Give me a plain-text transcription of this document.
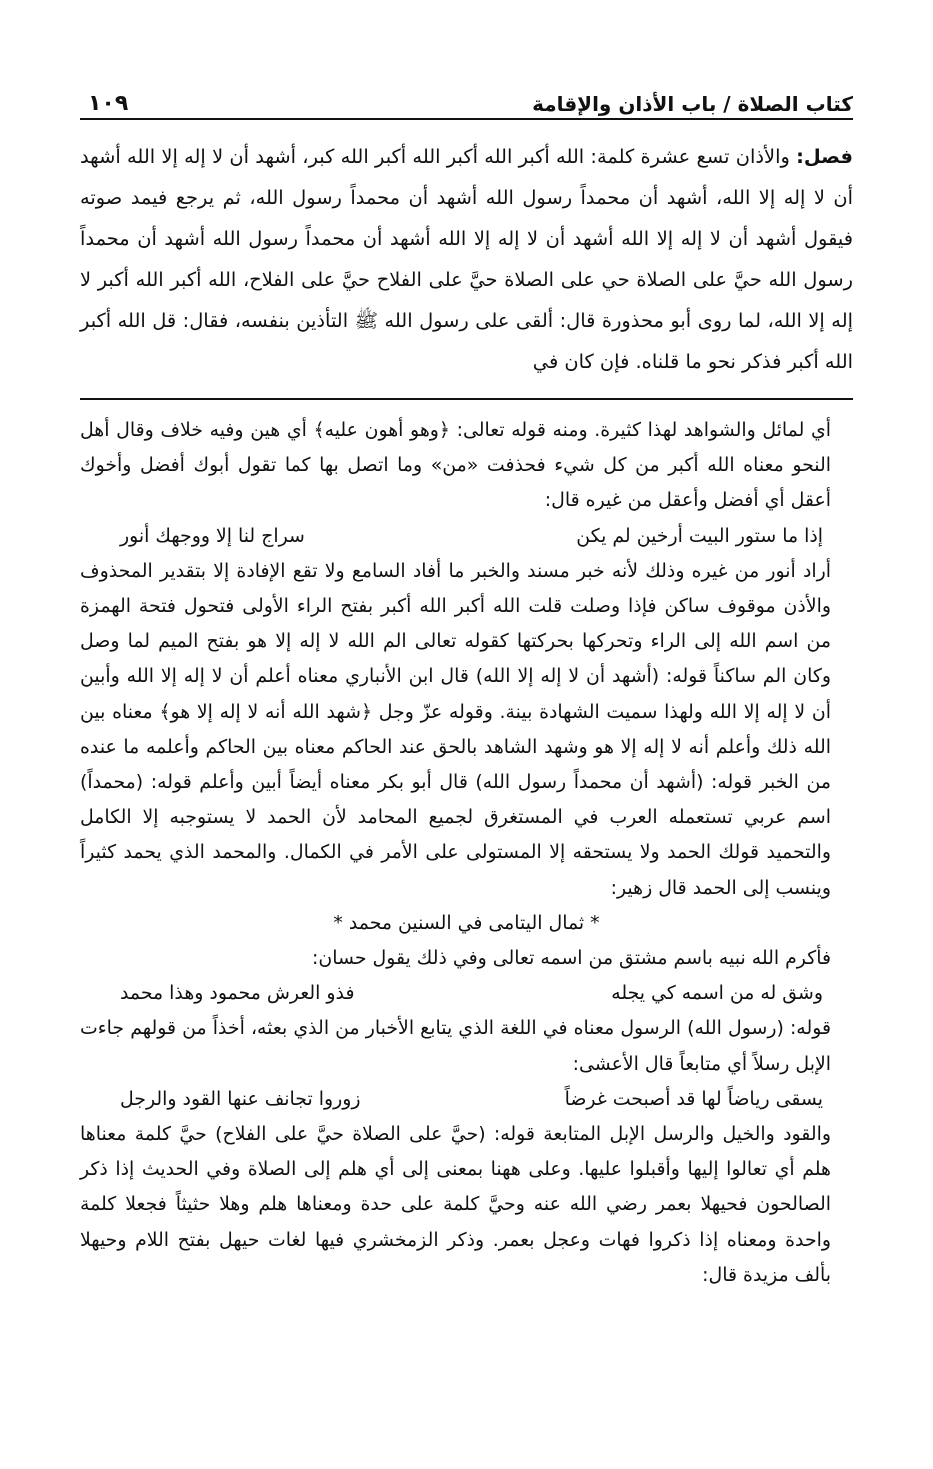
كتاب الصلاة / باب الأذان والإقامة
١٠٩

فصل: والأذان تسع عشرة كلمة: الله أكبر الله أكبر الله أكبر الله كبر، أشهد أن لا إله إلا الله أشهد أن لا إله إلا الله، أشهد أن محمداً رسول الله أشهد أن محمداً رسول الله، ثم يرجع فيمد صوته فيقول أشهد أن لا إله إلا الله أشهد أن لا إله إلا الله أشهد أن محمداً رسول الله أشهد أن محمداً رسول الله حيَّ على الصلاة حي على الصلاة حيَّ على الفلاح حيَّ على الفلاح، الله أكبر الله أكبر لا إله إلا الله، لما روى أبو محذورة قال: ألقى على رسول الله ﷺ التأذين بنفسه، فقال: قل الله أكبر الله أكبر فذكر نحو ما قلناه. فإن كان في

أي لمائل والشواهد لهذا كثيرة. ومنه قوله تعالى: ﴿وهو أهون عليه﴾ أي هين وفيه خلاف وقال أهل النحو معناه الله أكبر من كل شيء فحذفت «من» وما اتصل بها كما تقول أبوك أفضل وأخوك أعقل أي أفضل وأعقل من غيره قال:

إذا ما ستور البيت أرخين لم يكن
سراج لنا إلا ووجهك أنور

أراد أنور من غيره وذلك لأنه خبر مسند والخبر ما أفاد السامع ولا تقع الإفادة إلا بتقدير المحذوف والأذن موقوف ساكن فإذا وصلت قلت الله أكبر الله أكبر بفتح الراء الأولى فتحول فتحة الهمزة من اسم الله إلى الراء وتحركها بحركتها كقوله تعالى الم الله لا إله إلا هو بفتح الميم لما وصل وكان الم ساكناً قوله: (أشهد أن لا إله إلا الله) قال ابن الأنباري معناه أعلم أن لا إله إلا الله وأبين أن لا إله إلا الله ولهذا سميت الشهادة بينة. وقوله عزّ وجل ﴿شهد الله أنه لا إله إلا هو﴾ معناه بين الله ذلك وأعلم أنه لا إله إلا هو وشهد الشاهد بالحق عند الحاكم معناه بين الحاكم وأعلمه ما عنده من الخبر قوله: (أشهد أن محمداً رسول الله) قال أبو بكر معناه أيضاً أبين وأعلم قوله: (محمداً) اسم عربي تستعمله العرب في المستغرق لجميع المحامد لأن الحمد لا يستوجبه إلا الكامل والتحميد قولك الحمد ولا يستحقه إلا المستولى على الأمر في الكمال. والمحمد الذي يحمد كثيراً وينسب إلى الحمد قال زهير:

* ثمال اليتامى في السنين محمد *

فأكرم الله نبيه باسم مشتق من اسمه تعالى وفي ذلك يقول حسان:

وشق له من اسمه كي يجله
فذو العرش محمود وهذا محمد

قوله: (رسول الله) الرسول معناه في اللغة الذي يتابع الأخبار من الذي بعثه، أخذاً من قولهم جاءت الإبل رسلاً أي متابعاً قال الأعشى:

يسقى رياضاً لها قد أصبحت غرضاً
زوروا تجانف عنها القود والرجل

والقود والخيل والرسل الإبل المتابعة قوله: (حيَّ على الصلاة حيَّ على الفلاح) حيَّ كلمة معناها هلم أي تعالوا إليها وأقبلوا عليها. وعلى ههنا بمعنى إلى أي هلم إلى الصلاة وفي الحديث إذا ذكر الصالحون فحيهلا بعمر رضي الله عنه وحيَّ كلمة على حدة ومعناها هلم وهلا حثيثاً فجعلا كلمة واحدة ومعناه إذا ذكروا فهات وعجل بعمر. وذكر الزمخشري فيها لغات حيهل بفتح اللام وحيهلا بألف مزيدة قال:
